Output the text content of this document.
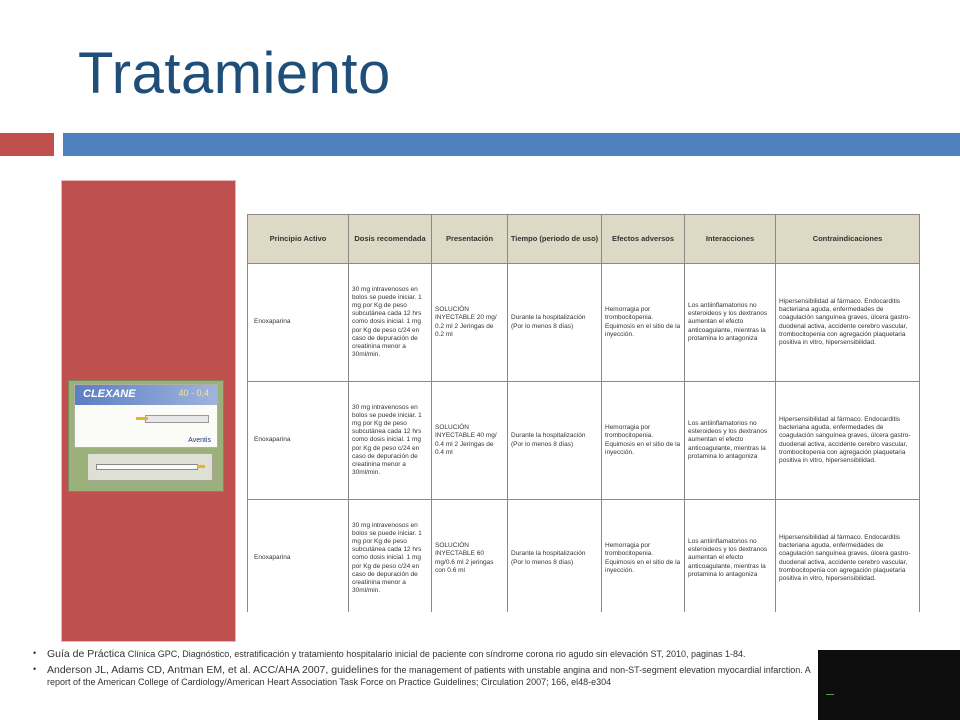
Tratamiento
CLEXANE	40 - 0,4
Aventis
Principio Activo	Dosis recomendada	Presentación	Tiempo (periodo de uso)	Efectos adversos	Interacciones	Contraindicaciones
Enoxaparina	30 mg intravenosos en bolos se puede iniciar. 1 mg por Kg de peso subcutánea cada 12 hrs como dosis inicial. 1 mg por Kg de peso c/24 en caso de depuración de creatinina menor a 30ml/min.	SOLUCIÓN INYECTABLE 20 mg/ 0.2 ml 2 Jeringas de 0.2 ml	Durante la hospitalización (Por lo menos 8 días)	Hemorragia por trombocitopenia. Equimosis en el sitio de la inyección.	Los antiinflamatorios no esteroideos y los dextranos aumentan el efecto anticoagulante, mientras la protamina lo antagoniza	Hipersensibilidad al fármaco. Endocarditis bacteriana aguda, enfermedades de coagulación sanguínea graves, úlcera gastro-duodenal activa, accidente cerebro vascular, trombocitopenia con agregación plaquetaria positiva in vitro, hipersensibilidad.
Enoxaparina	30 mg intravenosos en bolos se puede iniciar. 1 mg por Kg de peso subcutánea cada 12 hrs como dosis inicial. 1 mg por Kg de peso c/24 en caso de depuración de creatinina menor a 30ml/min.	SOLUCIÓN INYECTABLE 40 mg/ 0.4 ml 2 Jeringas de 0.4 ml	Durante la hospitalización (Por lo menos 8 días)	Hemorragia por trombocitopenia. Equimosis en el sitio de la inyección.	Los antiinflamatorios no esteroideos y los dextranos aumentan el efecto anticoagulante, mientras la protamina lo antagoniza	Hipersensibilidad al fármaco. Endocarditis bacteriana aguda, enfermedades de coagulación sanguínea graves, úlcera gastro-duodenal activa, accidente cerebro vascular, trombocitopenia con agregación plaquetaria positiva in vitro, hipersensibilidad.
Enoxaparina	30 mg intravenosos en bolos se puede iniciar. 1 mg por Kg de peso subcutánea cada 12 hrs como dosis inicial. 1 mg por Kg de peso c/24 en caso de depuración de creatinina menor a 30ml/min.	SOLUCIÓN INYECTABLE 60 mg/0.6 ml 2 jeringas con 0.6 ml	Durante la hospitalización (Por lo menos 8 días)	Hemorragia por trombocitopenia. Equimosis en el sitio de la inyección.	Los antiinflamatorios no esteroideos y los dextranos aumentan el efecto anticoagulante, mientras la protamina lo antagoniza	Hipersensibilidad al fármaco. Endocarditis bacteriana aguda, enfermedades de coagulación sanguínea graves, úlcera gastro-duodenal activa, accidente cerebro vascular, trombocitopenia con agregación plaquetaria positiva in vitro, hipersensibilidad.

• Guía de Práctica Clínica GPC, Diagnóstico, estratificación y tratamiento hospitalario inicial de paciente con síndrome corona rio agudo sin elevación ST, 2010, paginas 1-84.

• Anderson JL, Adams CD, Antman EM, et al. ACC/AHA 2007, guidelines for the management of patients with unstable angina and non-ST-segment elevation myocardial infarction. A report of the American College of Cardiology/American Heart Association Task Force on Practice Guidelines; Circulation 2007; 166, el48-e304
